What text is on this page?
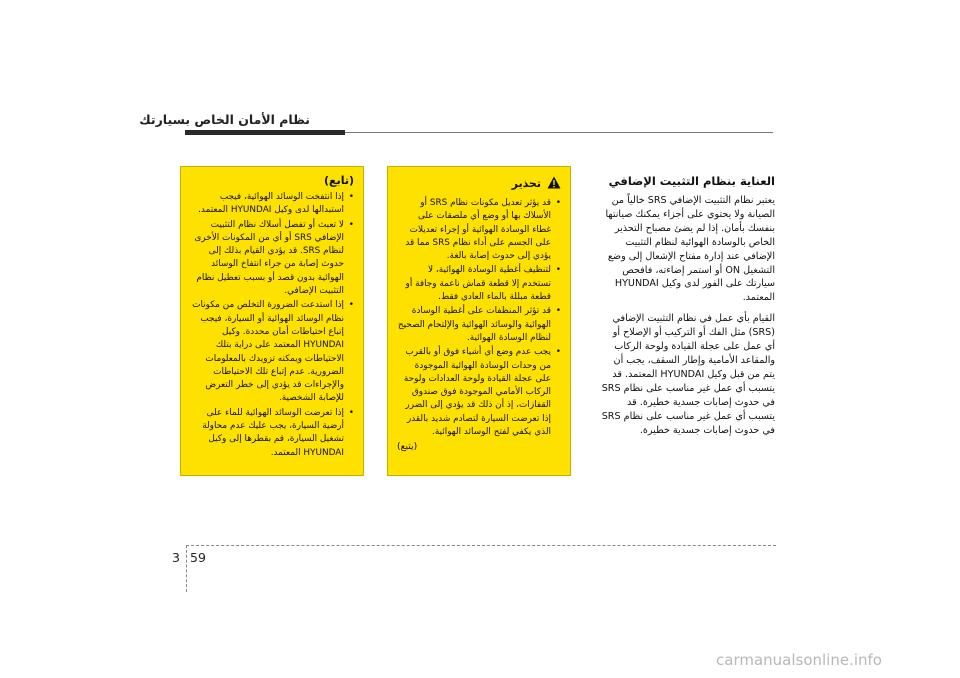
نظام الأمان الخاص بسيارتك
العناية بنظام التثبيت الإضافي
يعتبر نظام التثبيت الإضافي SRS خالياً من الصيانة ولا يحتوي على أجزاء يمكنك صيانتها بنفسك بأمان. إذا لم يضئ مصباح التحذير الخاص بالوسادة الهوائية لنظام التثبيت الإضافي عند إدارة مفتاح الإشعال إلى وضع التشغيل ON أو استمر إضاءته، فافحص سيارتك على الفور لدى وكيل HYUNDAI المعتمد.
القيام بأي عمل في نظام التثبيت الإضافي (SRS) مثل الفك أو التركيب أو الإصلاح أو أي عمل على عجلة القيادة ولوحة الركاب والمقاعد الأمامية وإطار السقف، يجب أن يتم من قبل وكيل HYUNDAI المعتمد. قد يتسبب أي عمل غير مناسب على نظام SRS في حدوث إصابات جسدية خطيرة. قد يتسبب أي عمل غير مناسب على نظام SRS في حدوث إصابات جسدية خطيرة.
تحذير
• قد يؤثر تعديل مكونات نظام SRS أو الأسلاك بها أو وضع أي ملصقات على غطاء الوسادة الهوائية أو إجراء تعديلات على الجسم على أداء نظام SRS مما قد يؤدي إلى حدوث إصابة بالغة.
• لتنظيف أغطية الوسادة الهوائية، لا تستخدم إلا قطعة قماش ناعمة وجافة أو قطعة مبللة بالماء العادي فقط.
• قد تؤثر المنظفات على أغطية الوسادة الهوائية والوسائد الهوائية والإلتحام الصحيح لنظام الوسادة الهوائية.
• يجب عدم وضع أي أشياء فوق أو بالقرب من وحدات الوسادة الهوائية الموجودة على عجلة القيادة ولوحة العدادات ولوحة الركاب الأمامي الموجودة فوق صندوق القفازات، إذ أن ذلك قد يؤدي إلى الضرر إذا تعرضت السيارة لتصادم شديد بالقدر الذي يكفي لفتح الوسائد الهوائية.
(يتبع)
(تابع)
• إذا انتفخت الوسائد الهوائية، فيجب استبدالها لدى وكيل HYUNDAI المعتمد.
• لا تعبث أو تفصل أسلاك نظام التثبيت الإضافي SRS أو أي من المكونات الأخرى لنظام SRS. قد يؤدي القيام بذلك إلى حدوث إصابة من جراء انتفاخ الوسائد الهوائية بدون قصد أو بسبب تعطيل نظام التثبيت الإضافي.
• إذا استدعت الضرورة التخلص من مكونات نظام الوسائد الهوائية أو السيارة، فيجب إتباع احتياطات أمان محددة. وكيل HYUNDAI المعتمد على دراية بتلك الاحتياطات ويمكنه تزويدك بالمعلومات الضرورية. عدم إتباع تلك الاحتياطات والإجراءات قد يؤدي إلى خطر التعرض للإصابة الشخصية.
• إذا تعرضت الوسائد الهوائية للماء على أرضية السيارة، يجب عليك عدم محاولة تشغيل السيارة، قم بقطرها إلى وكيل HYUNDAI المعتمد.
3 59
carmanualsonline.info
